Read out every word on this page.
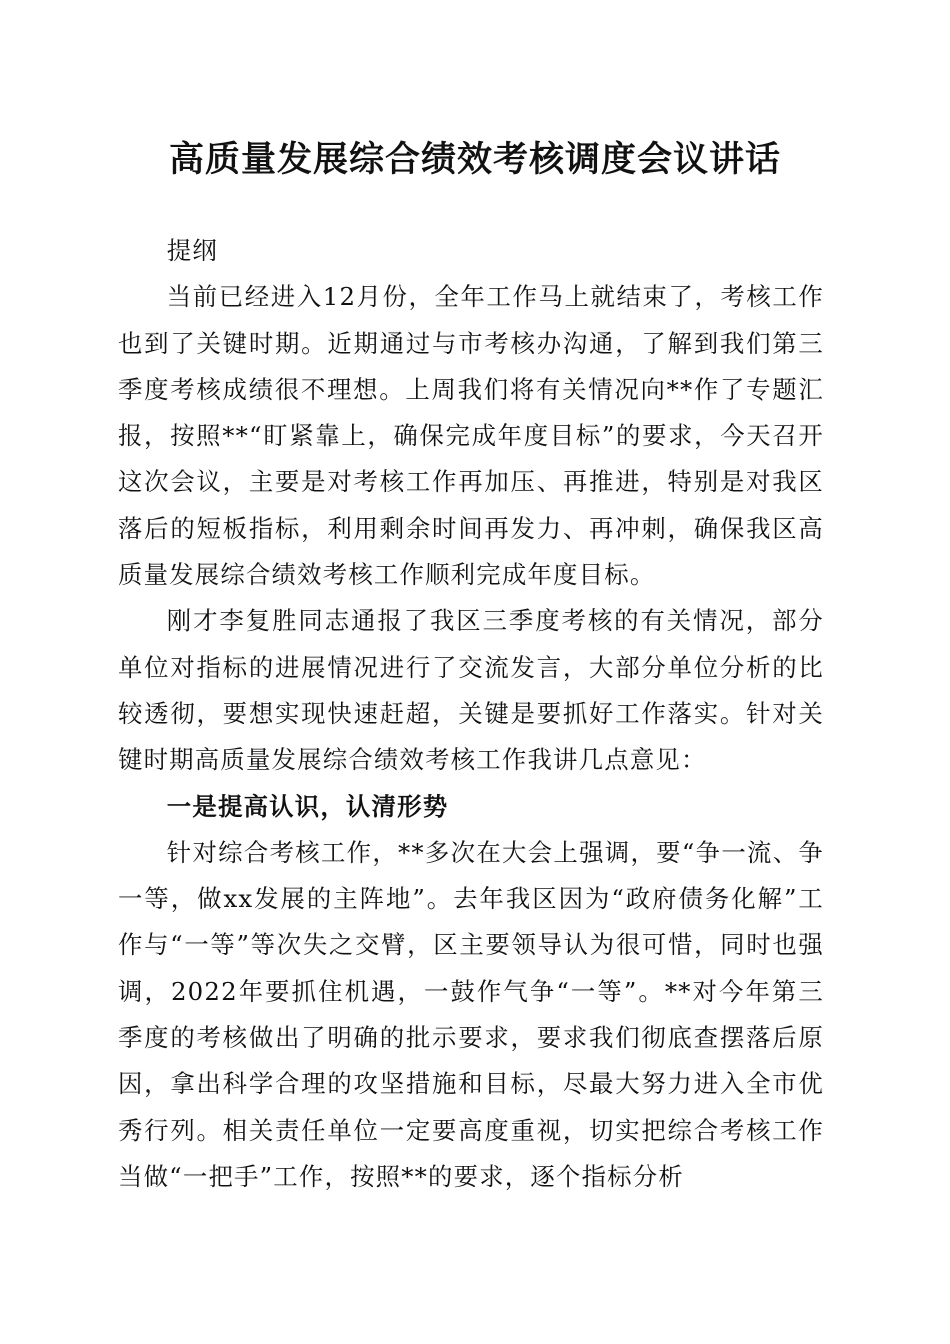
高质量发展综合绩效考核调度会议讲话

提纲

当前已经进入12月份，全年工作马上就结束了，考核工作也到了关键时期。近期通过与市考核办沟通，了解到我们第三季度考核成绩很不理想。上周我们将有关情况向**作了专题汇报，按照**“盯紧靠上，确保完成年度目标”的要求，今天召开这次会议，主要是对考核工作再加压、再推进，特别是对我区落后的短板指标，利用剩余时间再发力、再冲刺，确保我区高质量发展综合绩效考核工作顺利完成年度目标。

刚才李复胜同志通报了我区三季度考核的有关情况，部分单位对指标的进展情况进行了交流发言，大部分单位分析的比较透彻，要想实现快速赶超，关键是要抓好工作落实。针对关键时期高质量发展综合绩效考核工作我讲几点意见：

一是提高认识，认清形势

针对综合考核工作，**多次在大会上强调，要“争一流、争一等，做xx发展的主阵地”。去年我区因为“政府债务化解”工作与“一等”等次失之交臂，区主要领导认为很可惜，同时也强调，2022年要抓住机遇，一鼓作气争“一等”。**对今年第三季度的考核做出了明确的批示要求，要求我们彻底查摆落后原因，拿出科学合理的攻坚措施和目标，尽最大努力进入全市优秀行列。相关责任单位一定要高度重视，切实把综合考核工作当做“一把手”工作，按照**的要求，逐个指标分析
